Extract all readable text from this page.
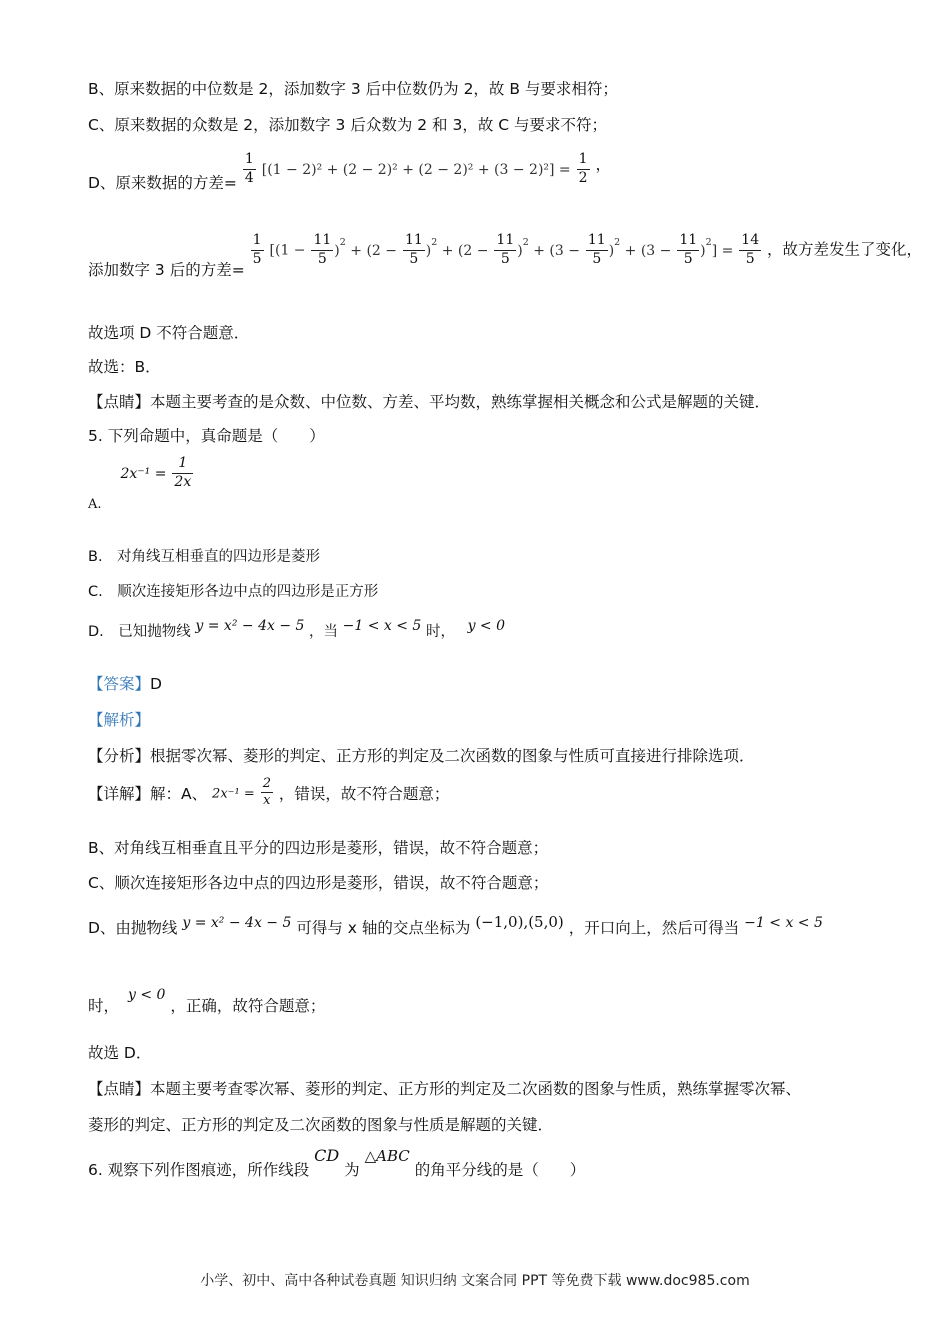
B、原来数据的中位数是 2，添加数字 3 后中位数仍为 2，故 B 与要求相符；
C、原来数据的众数是 2，添加数字 3 后众数为 2 和 3，故 C 与要求不符；
D、原来数据的方差= $\frac{1}{4} [(1 - 2)^2 + (2 - 2)^2 + (2 - 2)^2 + (3 - 2)^2] = \frac{1}{2}$ ，
添加数字 3 后的方差=
$\frac{1}{5} [(1 - \frac{11}{5} )^2 + (2 - \frac{11}{5} )^2 + (2 - \frac{11}{5} )^2 + (3 - \frac{11}{5} )^2 + (3 - \frac{11}{5} )^2] = \frac{14}{5}$ ，故方差发生了变化，
故选项 D 不符合题意．
故选：B．
【点睛】本题主要考查的是众数、中位数、方差、平均数，熟练掌握相关概念和公式是解题的关键．
5. 下列命题中，真命题是（　　）
$_{A.}$ $2x^{-1} = \frac{1}{2x}$
B.　对角线互相垂直的四边形是菱形
C.　顺次连接矩形各边中点的四边形是正方形
D.　已知抛物线 y = x² − 4x − 5 ，当 −1 < x < 5 时， y < 0
【答案】D
【解析】
【分析】根据零次幂、菱形的判定、正方形的判定及二次函数的图象与性质可直接进行排除选项．
【详解】解：A、 $2x^{-1} = \frac{2}{x}$ ，错误，故不符合题意；
B、对角线互相垂直且平分的四边形是菱形，错误，故不符合题意；
C、顺次连接矩形各边中点的四边形是菱形，错误，故不符合题意；
D、由抛物线 y = x² − 4x − 5 可得与 x 轴的交点坐标为 (−1,0),(5,0) ，开口向上，然后可得当 −1 < x < 5
时， y < 0 ，正确，故符合题意；
故选 D．
【点睛】本题主要考查零次幂、菱形的判定、正方形的判定及二次函数的图象与性质，熟练掌握零次幂、
菱形的判定、正方形的判定及二次函数的图象与性质是解题的关键．
6. 观察下列作图痕迹，所作线段 CD 为 △ABC 的角平分线的是（　　）
小学、初中、高中各种试卷真题 知识归纳 文案合同 PPT 等免费下载 www.doc985.com
